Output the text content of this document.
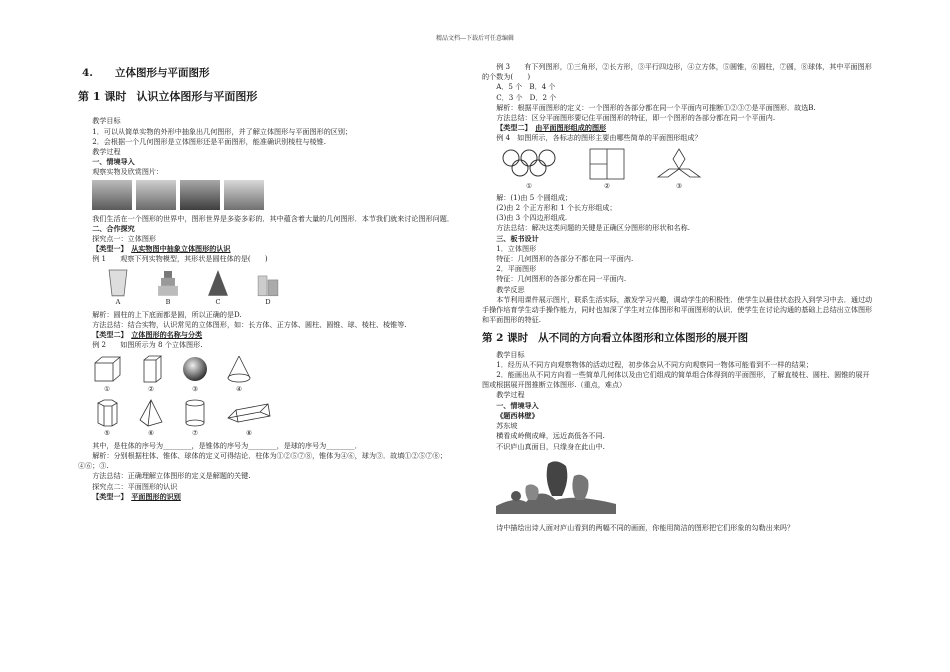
精品文档---下载后可任意编辑
4. 立体图形与平面图形
第 1 课时 认识立体图形与平面图形

教学目标

1．可以从简单实物的外形中抽象出几何图形，并了解立体图形与平面图形的区别；

2．会根据一个几何图形是立体图形还是平面图形，能准确识别棱柱与棱锥.

教学过程

一、情境导入

观察实物及欣赏图片：

我们生活在一个图形的世界中，图形世界是多姿多彩的．其中蕴含着大量的几何图形．本节我们就来讨论图形问题．

二、合作探究

探究点一：立体图形

【类型一】　 从实物图中抽象立体图形的认识

例 1　　观察下列实物模型，其形状是圆柱体的是(　　)

A	B	C	D

解析：圆柱的上下底面都是圆，所以正确的是D.

方法总结：结合实物，认识常见的立体图形，如：长方体、正方体、圆柱、圆锥、球、棱柱、棱锥等.

【类型二】　 立体图形的名称与分类

例 2　　如图所示为 8 个立体图形.

①	②	③	④
⑤	⑥	⑦	⑧

其中，是柱体的序号为________，是锥体的序号为________，是球的序号为________．

解析：分别根据柱体、锥体、球体的定义可得结论．柱体为①②⑤⑦⑧，锥体为④⑥，球为③．故填①②⑤⑦⑧；④⑥；③.

方法总结：正确理解立体图形的定义是解题的关键.

探究点二：平面图形的认识

【类型一】　 平面图形的识别

例 3　　有下列图形，①三角形，②长方形，③平行四边形，④立方体，⑤圆锥，⑥圆柱，⑦圆，⑧球体，其中平面图形的个数为(　　)

A．5 个　B．4 个

C．3 个　D．2 个

解析：根据平面图形的定义：一个图形的各部分都在同一个平面内可推断①②③⑦是平面图形．故选B.

方法总结：区分平面图形要记住平面图形的特征，即一个图形的各部分都在同一个平面内.

【类型二】　 由平面图形组成的图形

例 4　如图所示，各标志的图形主要由哪些简单的平面图形组成？

①	②	③

解：(1)由 5 个圆组成；

(2)由 2 个正方形和 1 个长方形组成；

(3)由 3 个四边形组成.

方法总结：解决这类问题的关键是正确区分图形的形状和名称.

三、板书设计

1．立体图形

特征：几何图形的各部分不都在同一平面内.

2．平面图形

特征：几何图形的各部分都在同一平面内.

教学反思

本节利用课件展示图片，联系生活实际，激发学习兴趣，调动学生的积极性．使学生以最佳状态投入到学习中去．通过动手操作培育学生动手操作能力，同时也加深了学生对立体图形和平面图形的认识．使学生在讨论沟通的基础上总结出立体图形和平面图形的特征.

第 2 课时 从不同的方向看立体图形和立体图形的展开图

教学目标

1．经历从不同方向观察物体的活动过程，初步体会从不同方向观察同一物体可能看到不一样的结果；

2．能画出从不同方向看一些简单几何体以及由它们组成的简单组合体得到的平面图形，了解直棱柱、圆柱、圆锥的展开图或根据展开图推断立体图形.（重点，难点）

教学过程

一、情境导入

《题西林壁》

苏东坡

横看成岭侧成峰，远近高低各不同.

不识庐山真面目，只缘身在此山中.

诗中描绘出诗人面对庐山看到的两幅不同的画面，你能用简洁的图形把它们形象的勾勒出来吗？
